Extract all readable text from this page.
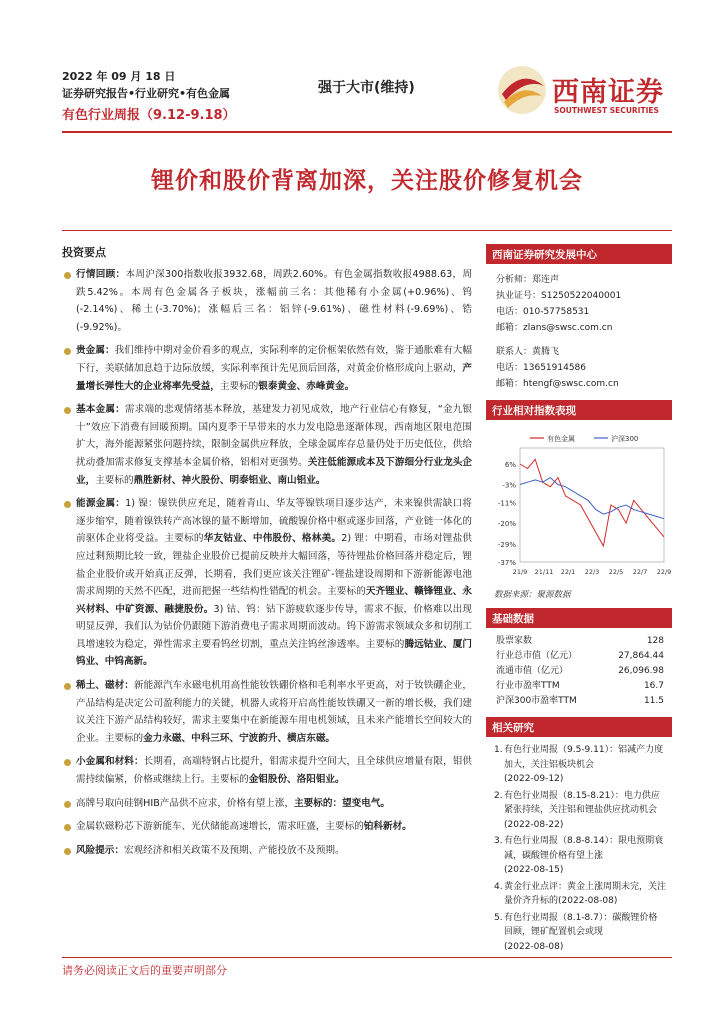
2022 年 09 月 18 日
证券研究报告•行业研究•有色金属
有色行业周报（9.12-9.18）
强于大市(维持)	西南证券
SOUTHWEST SECURITIES
锂价和股价背离加深，关注股价修复机会
投资要点
行情回顾：本周沪深300指数收报3932.68，周跌2.60%。有色金属指数收报4988.63，周跌5.42%。本周有色金属各子板块，涨幅前三名：其他稀有小金属(+0.96%)、钨(-2.14%)、稀土(-3.70%)；涨幅后三名：铝锌(-9.61%)、磁性材料(-9.69%)、锆(-9.92%)。
贵金属：我们维持中期对金价看多的观点，实际利率的定价框架依然有效，鉴于通胀难有大幅下行，美联储加息趋于边际放缓，实际利率预计先见顶后回落，对黄金价格形成向上驱动，产量增长弹性大的企业将率先受益，主要标的银泰黄金、赤峰黄金。
基本金属：需求端的悲观情绪基本释放，基建发力初见成效，地产行业信心有修复，“金九银十”效应下消费有回暖预期。国内夏季干旱带来的水力发电隐患逐渐体现，西南地区限电范围扩大，海外能源紧张问题持续，限制金属供应释放，全球金属库存总量仍处于历史低位，供给扰动叠加需求修复支撑基本金属价格，铝相对更强势。关注低能源成本及下游细分行业龙头企业，主要标的鼎胜新材、神火股份、明泰铝业、南山铝业。
能源金属：1) 镍：镍铁供应充足，随着青山、华友等镍铁项目逐步达产，未来镍供需缺口将逐步缩窄，随着镍铁转产高冰镍的量不断增加，硫酸镍价格中枢或逐步回落，产业链一体化的前驱体企业将受益。主要标的华友钴业、中伟股份、格林美。2) 锂：中期看，市场对锂盐供应过剩预期比较一致，锂盐企业股价已提前反映并大幅回落，等待锂盐价格回落并稳定后，锂盐企业股价或开始真正反弹，长期看，我们更应该关注锂矿-锂盐建设周期和下游新能源电池需求周期的天然不匹配，进而把握一些结构性错配的机会。主要标的天齐锂业、赣锋锂业、永兴材料、中矿资源、融捷股份。3) 钴、钨：钴下游疲软逐步传导，需求不振，价格难以出现明显反弹，我们认为钴价仍跟随下游消费电子需求周期而波动。钨下游需求领域众多和切削工具增速较为稳定，弹性需求主要看钨丝切割，重点关注钨丝渗透率。主要标的腾远钴业、厦门钨业、中钨高新。
稀土、磁材：新能源汽车永磁电机用高性能钕铁硼价格和毛利率水平更高，对于钕铁硼企业，产品结构是决定公司盈利能力的关键，机器人或将开启高性能钕铁硼又一新的增长极，我们建议关注下游产品结构较好，需求主要集中在新能源车用电机领域，且未来产能增长空间较大的企业。主要标的金力永磁、中科三环、宁波韵升、横店东磁。
小金属和材料：长期看，高端特钢占比提升，钼需求提升空间大，且全球供应增量有限，钼供需持续偏紧，价格或继续上行。主要标的金钼股份、洛阳钼业。
高牌号取向硅钢HIB产品供不应求，价格有望上涨，主要标的：望变电气。
金属软磁粉芯下游新能车、光伏储能高速增长，需求旺盛，主要标的铂科新材。
风险提示：宏观经济和相关政策不及预期、产能投放不及预期。
西南证券研究发展中心
分析师：郑连声
执业证号：S1250522040001
电话：010-57758531
邮箱：zlans@swsc.com.cn
联系人：黄腾飞
电话：13651914586
邮箱：htengf@swsc.com.cn
行业相对指数表现
6%
-3%
-11%
-20%
-29%
-37%
21/9 21/11 22/1 22/3 22/5 22/7 22/9
有色金属	沪深300
数据来源：聚源数据
基础数据
股票家数	128
行业总市值（亿元）	27,864.44
流通市值（亿元）	26,096.98
行业市盈率TTM	16.7
沪深300市盈率TTM	11.5
相关研究
1. 有色行业周报（9.5-9.11）：铝减产力度加大，关注铝板块机会
(2022-09-12)
2. 有色行业周报（8.15-8.21）：电力供应紧张持续，关注铝和锂盐供应扰动机会
(2022-08-22)
3. 有色行业周报（8.8-8.14）：限电预期衰减，碳酸锂价格有望上涨
(2022-08-15)
4. 黄金行业点评：黄金上涨周期未完，关注量价齐升标的(2022-08-08)
5. 有色行业周报（8.1-8.7）：碳酸锂价格回顾，锂矿配置机会或现
(2022-08-08)
请务必阅读正文后的重要声明部分
